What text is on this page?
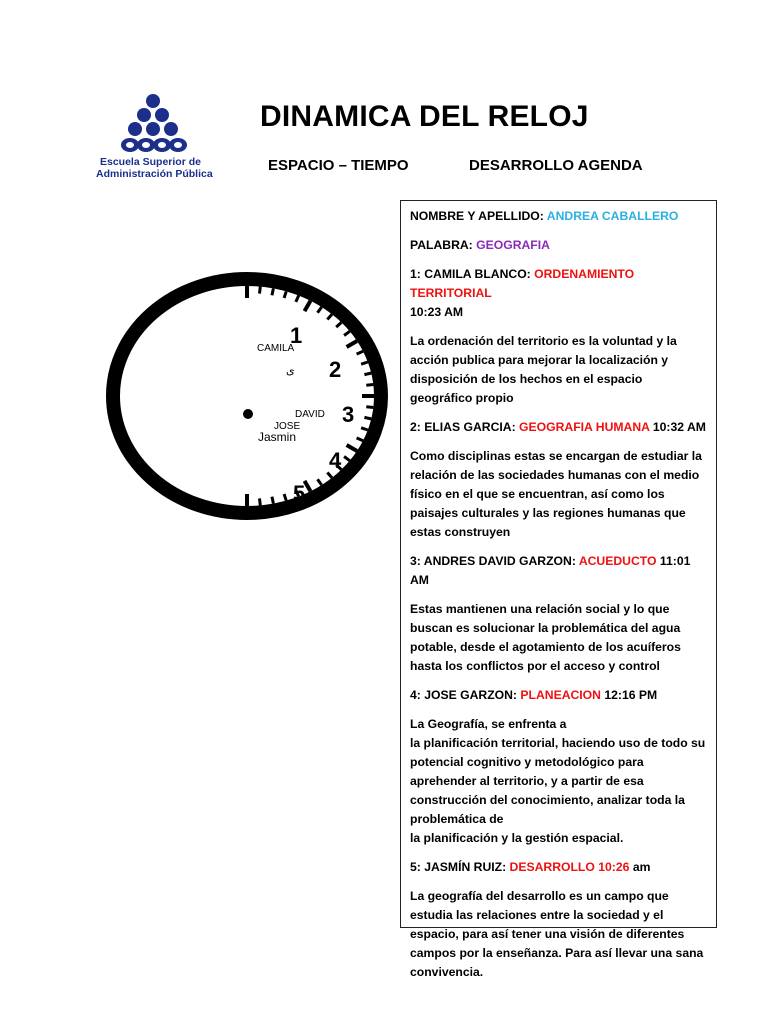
Escuela Superior de
Administración Pública
DINAMICA DEL RELOJ
ESPACIO – TIEMPO	DESARROLLO AGENDA
1
2
3
4
5
CAMILA
ی
DAVID
JOSE
Jasmin

NOMBRE Y APELLIDO: ANDREA CABALLERO

PALABRA: GEOGRAFIA

1: CAMILA BLANCO: ORDENAMIENTO TERRITORIAL
10:23 AM

La ordenación del territorio es la voluntad y la acción publica para mejorar la localización y disposición de los hechos en el espacio geográfico propio

2: ELIAS GARCIA: GEOGRAFIA HUMANA 10:32 AM

Como disciplinas estas se encargan de estudiar la relación de las sociedades humanas con el medio físico en el que se encuentran, así como los paisajes culturales y las regiones humanas que estas construyen

3: ANDRES DAVID GARZON: ACUEDUCTO 11:01 AM

Estas mantienen una relación social y lo que buscan es solucionar la problemática del agua potable, desde el agotamiento de los acuíferos hasta los conflictos por el acceso y control

4: JOSE GARZON: PLANEACION 12:16 PM

La Geografía, se enfrenta a
la planificación territorial, haciendo uso de todo su potencial cognitivo y metodológico para aprehender al territorio, y a partir de esa construcción del conocimiento, analizar toda la problemática de
la planificación y la gestión espacial.

5: JASMÍN RUIZ: DESARROLLO 10:26 am

La geografía del desarrollo es un campo que estudia las relaciones entre la sociedad y el espacio, para así tener una visión de diferentes campos por la enseñanza. Para así llevar una sana convivencia.
